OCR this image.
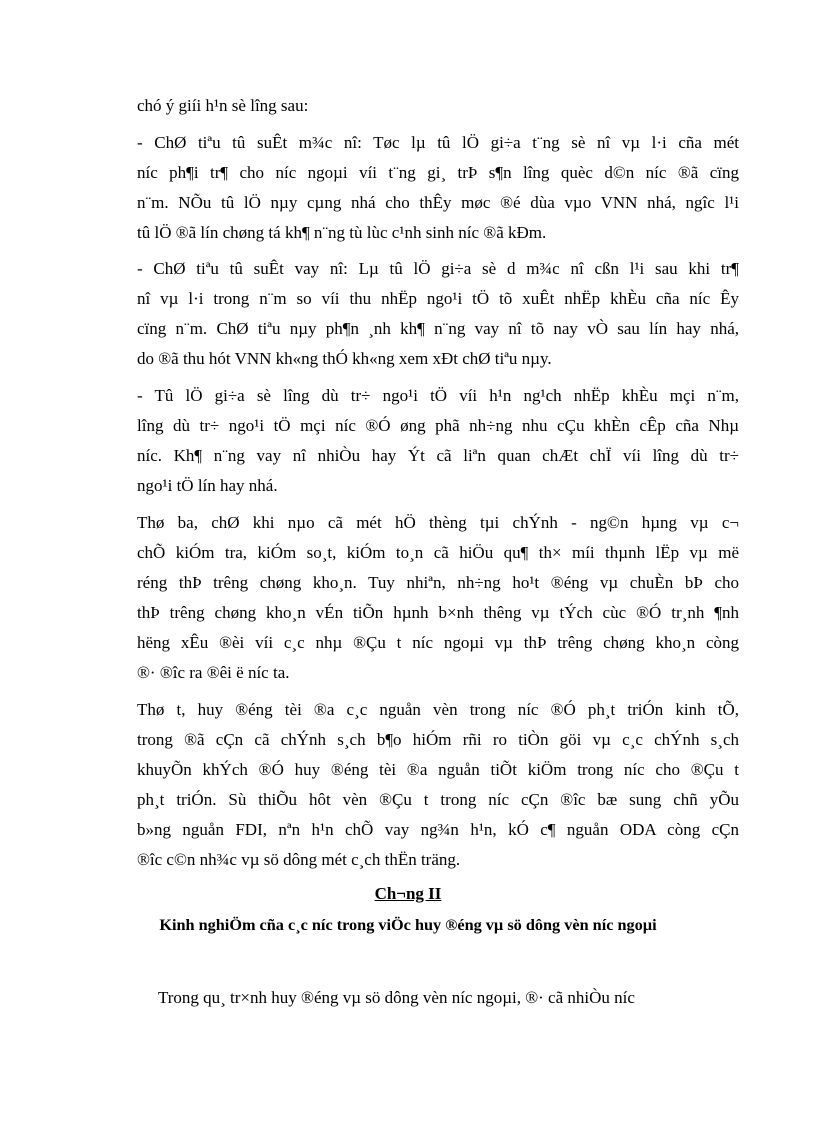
chó ý giíi h¹n sè lîng sau:
- ChØ tiªu tû suÊt m¾c nî: Tøc lµ tû lÖ gi÷a t¨ng sè nî vµ l·i cña mét
níc ph¶i tr¶ cho níc ngoµi víi t¨ng gi¸ trÞ s¶n lîng quèc d©n níc ®ã cïng
n¨m. NÕu tû lÖ nµy cµng nhá cho thÊy møc ®é dùa vµo VNN nhá, ngîc l¹i
tû lÖ ®ã lín chøng tá kh¶ n¨ng tù lùc c¹nh sinh níc ®ã kÐm.
- ChØ tiªu tû suÊt vay nî: Lµ tû lÖ gi÷a sè d m¾c nî cßn l¹i sau khi tr¶
nî vµ l·i trong n¨m so víi thu nhËp ngo¹i tÖ tõ xuÊt nhËp khÈu cña níc Êy
cïng n¨m. ChØ tiªu nµy ph¶n ¸nh kh¶ n¨ng vay nî tõ nay vÒ sau lín hay nhá,
do ®ã thu hót VNN kh«ng thÓ kh«ng xem xÐt chØ tiªu nµy.
- Tû lÖ gi÷a sè lîng dù tr÷ ngo¹i tÖ víi h¹n ng¹ch nhËp khÈu mçi n¨m,
lîng dù tr÷ ngo¹i tÖ mçi níc ®Ó øng phã nh÷ng nhu cÇu khÈn cÊp cña Nhµ
níc. Kh¶ n¨ng vay nî nhiÒu hay Ýt cã liªn quan chÆt chÏ víi lîng dù tr÷
ngo¹i tÖ lín hay nhá.
Thø ba, chØ khi nµo cã mét hÖ thèng tµi chÝnh - ng©n hµng vµ c¬
chÕ kiÓm tra, kiÓm so¸t, kiÓm to¸n cã hiÖu qu¶ th× míi thµnh lËp vµ më
réng thÞ trêng chøng kho¸n. Tuy nhiªn, nh÷ng ho¹t ®éng vµ chuÈn bÞ cho
thÞ trêng chøng kho¸n vÉn tiÕn hµnh b×nh thêng vµ tÝch cùc ®Ó tr¸nh ¶nh
hëng xÊu ®èi víi c¸c nhµ ®Çu t níc ngoµi vµ thÞ trêng chøng kho¸n còng
®· ®îc ra ®êi ë níc ta.
Thø t, huy ®éng tèi ®a c¸c nguån vèn trong níc ®Ó ph¸t triÓn kinh tÕ,
trong ®ã cÇn cã chÝnh s¸ch b¶o hiÓm rñi ro tiÒn göi vµ c¸c chÝnh s¸ch
khuyÕn khÝch ®Ó huy ®éng tèi ®a nguån tiÕt kiÖm trong níc cho ®Çu t
ph¸t triÓn. Sù thiÕu hôt vèn ®Çu t trong níc cÇn ®îc bæ sung chñ yÕu
b»ng nguån FDI, nªn h¹n chÕ vay ng¾n h¹n, kÓ c¶ nguån ODA còng cÇn
®îc c©n nh¾c vµ sö dông mét c¸ch thËn träng.
Ch¬ng II
Kinh nghiÖm cña c¸c níc trong viÖc huy ®éng vµ sö dông vèn níc ngoµi
Trong qu¸ tr×nh huy ®éng vµ sö dông vèn níc ngoµi, ®· cã nhiÒu níc
